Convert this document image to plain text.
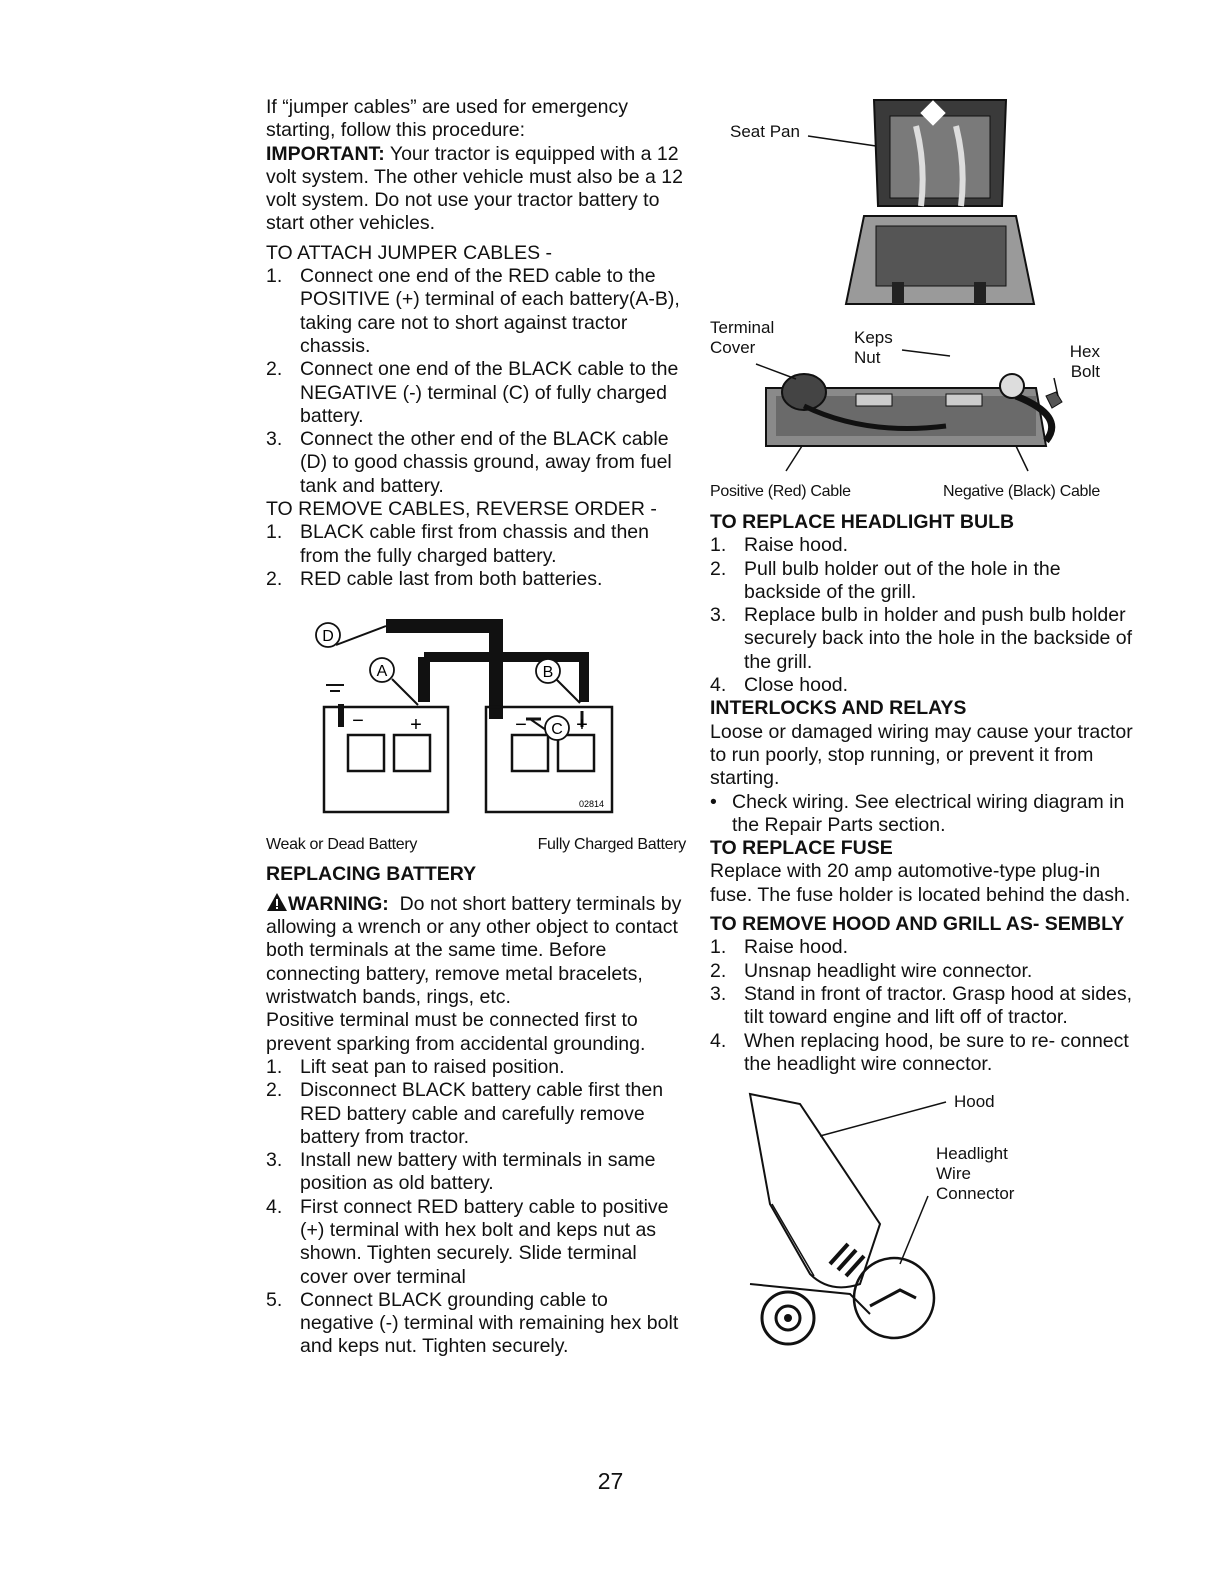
If “jumper cables” are used for emergency starting, follow this procedure:

IMPORTANT: Your tractor is equipped with a 12 volt system. The other vehicle must also be a 12 volt system. Do not use your tractor battery to start other vehicles.

TO ATTACH JUMPER CABLES -

1. Connect one end of the RED cable to the POSITIVE (+) terminal of each battery(A-B), taking care not to short against tractor chassis.
2. Connect one end of the BLACK cable to the NEGATIVE (-) terminal (C) of fully charged battery.
3. Connect the other end of the BLACK cable (D) to good chassis ground, away from fuel tank and battery.

TO REMOVE CABLES, REVERSE ORDER -

1. BLACK cable first from chassis and then from the fully charged battery.
2. RED cable last from both batteries.
D
A	B
C
− +	− +
02814
Weak or Dead Battery	Fully Charged Battery

REPLACING BATTERY

WARNING: Do not short battery terminals by allowing a wrench or any other object to contact both terminals at the same time. Before connecting battery, remove metal bracelets, wristwatch bands, rings, etc.

Positive terminal must be connected first to prevent sparking from accidental grounding.

1. Lift seat pan to raised position.
2. Disconnect BLACK battery cable first then RED battery cable and carefully remove battery from tractor.
3. Install new battery with terminals in same position as old battery.
4. First connect RED battery cable to positive (+) terminal with hex bolt and keps nut as shown. Tighten securely. Slide terminal cover over terminal
5. Connect BLACK grounding cable to negative (-) terminal with remaining hex bolt and keps nut. Tighten securely.
Seat Pan
Terminal Cover
Keps Nut	Hex Bolt
Positive (Red) Cable	Negative (Black) Cable

TO REPLACE HEADLIGHT BULB

1. Raise hood.
2. Pull bulb holder out of the hole in the backside of the grill.
3. Replace bulb in holder and push bulb holder securely back into the hole in the backside of the grill.
4. Close hood.

INTERLOCKS AND RELAYS

Loose or damaged wiring may cause your tractor to run poorly, stop running, or prevent it from starting.

• Check wiring. See electrical wiring diagram in the Repair Parts section.

TO REPLACE FUSE

Replace with 20 amp automotive-type plug-in fuse. The fuse holder is located behind the dash.

TO REMOVE HOOD AND GRILL AS- SEMBLY

1. Raise hood.
2. Unsnap headlight wire connector.
3. Stand in front of tractor. Grasp hood at sides, tilt toward engine and lift off of tractor.
4. When replacing hood, be sure to re- connect the headlight wire connector.
Hood
Headlight Wire Connector
27
